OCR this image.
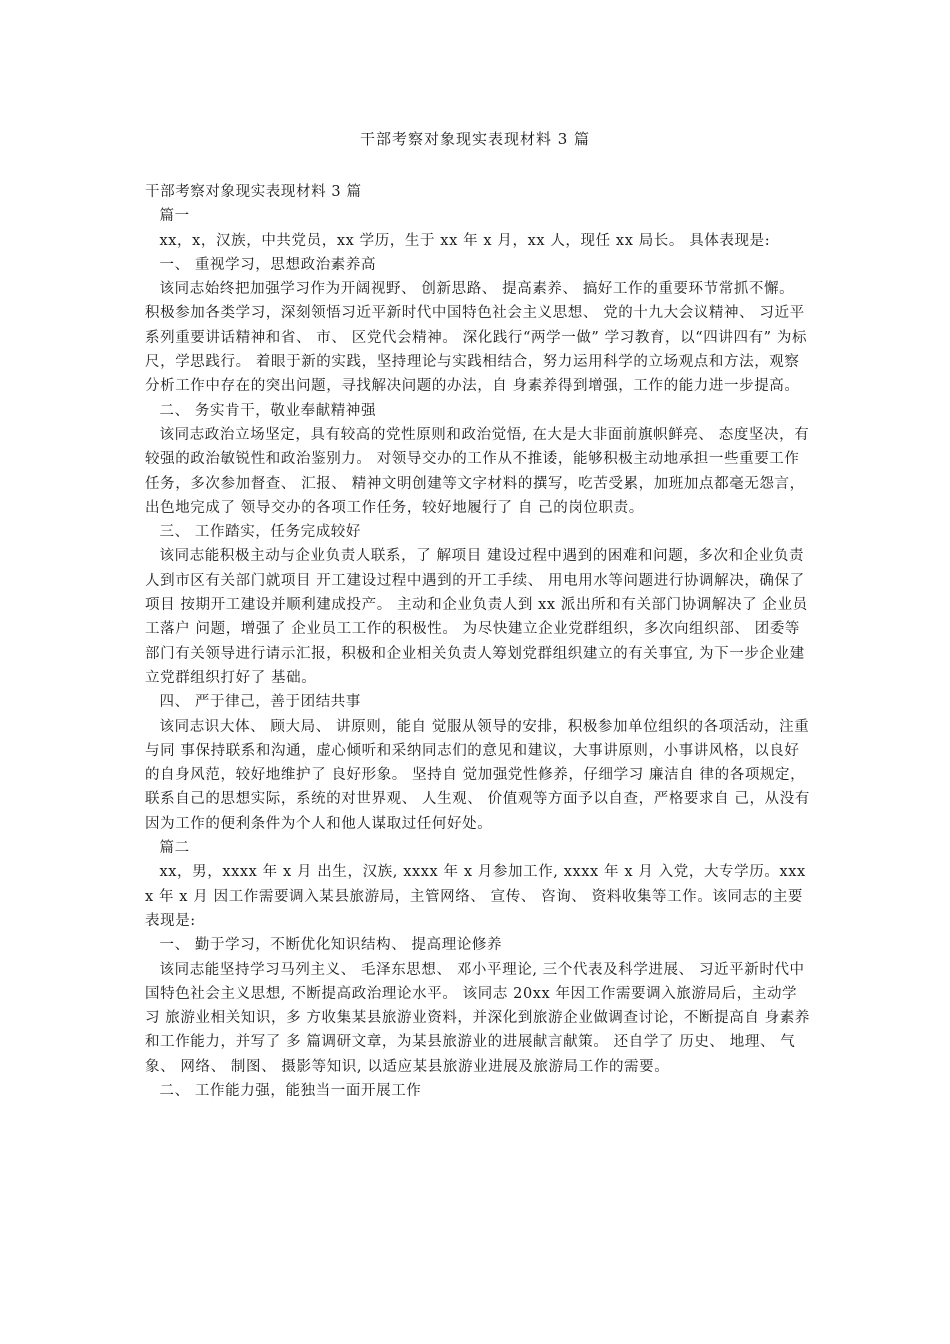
干部考察对象现实表现材料 3 篇

干部考察对象现实表现材料 3 篇

篇一

xx，x，汉族，中共党员，xx 学历，生于 xx 年 x 月，xx 人，现任 xx 局长。 具体表现是:

一、 重视学习，思想政治素养高

该同志始终把加强学习作为开阔视野、 创新思路、 提高素养、 搞好工作的重要环节常抓不懈。 积极参加各类学习，深刻领悟习近平新时代中国特色社会主义思想、 党的十九大会议精神、 习近平系列重要讲话精神和省、 市、 区党代会精神。 深化践行“两学一做” 学习教育，以“四讲四有” 为标尺，学思践行。 着眼于新的实践，坚持理论与实践相结合，努力运用科学的立场观点和方法，观察分析工作中存在的突出问题，寻找解决问题的办法，自 身素养得到增强，工作的能力进一步提高。

二、 务实肯干，敬业奉献精神强

该同志政治立场坚定，具有较高的党性原则和政治觉悟, 在大是大非面前旗帜鲜亮、 态度坚决，有较强的政治敏锐性和政治鉴别力。 对领导交办的工作从不推诿，能够积极主动地承担一些重要工作任务，多次参加督查、 汇报、 精神文明创建等文字材料的撰写，吃苦受累，加班加点都毫无怨言，出色地完成了 领导交办的各项工作任务，较好地履行了 自 己的岗位职责。

三、 工作踏实，任务完成较好

该同志能积极主动与企业负责人联系，了 解项目 建设过程中遇到的困难和问题，多次和企业负责人到市区有关部门就项目 开工建设过程中遇到的开工手续、 用电用水等问题进行协调解决，确保了 项目 按期开工建设并顺利建成投产。 主动和企业负责人到 xx 派出所和有关部门协调解决了 企业员工落户 问题，增强了 企业员工工作的积极性。 为尽快建立企业党群组织，多次向组织部、 团委等部门有关领导进行请示汇报，积极和企业相关负责人筹划党群组织建立的有关事宜, 为下一步企业建立党群组织打好了 基础。

四、 严于律己，善于团结共事

该同志识大体、 顾大局、 讲原则，能自 觉服从领导的安排，积极参加单位组织的各项活动，注重与同 事保持联系和沟通，虚心倾听和采纳同志们的意见和建议，大事讲原则，小事讲风格，以良好的自身风范，较好地维护了 良好形象。 坚持自 觉加强党性修养，仔细学习 廉洁自 律的各项规定，联系自己的思想实际，系统的对世界观、 人生观、 价值观等方面予以自查，严格要求自 己，从没有因为工作的便利条件为个人和他人谋取过任何好处。

篇二

xx，男，xxxx 年 x 月 出生，汉族, xxxx 年 x 月参加工作, xxxx 年 x 月 入党，大专学历。xxxx 年 x 月 因工作需要调入某县旅游局，主管网络、 宣传、 咨询、 资料收集等工作。该同志的主要表现是:

一、 勤于学习，不断优化知识结构、 提高理论修养

该同志能坚持学习马列主义、 毛泽东思想、 邓小平理论, 三个代表及科学进展、 习近平新时代中国特色社会主义思想, 不断提高政治理论水平。 该同志 20xx 年因工作需要调入旅游局后，主动学习 旅游业相关知识，多 方收集某县旅游业资料，并深化到旅游企业做调查讨论，不断提高自 身素养和工作能力，并写了 多 篇调研文章，为某县旅游业的进展献言献策。 还自学了 历史、 地理、 气象、 网络、 制图、 摄影等知识, 以适应某县旅游业进展及旅游局工作的需要。

二、 工作能力强，能独当一面开展工作
